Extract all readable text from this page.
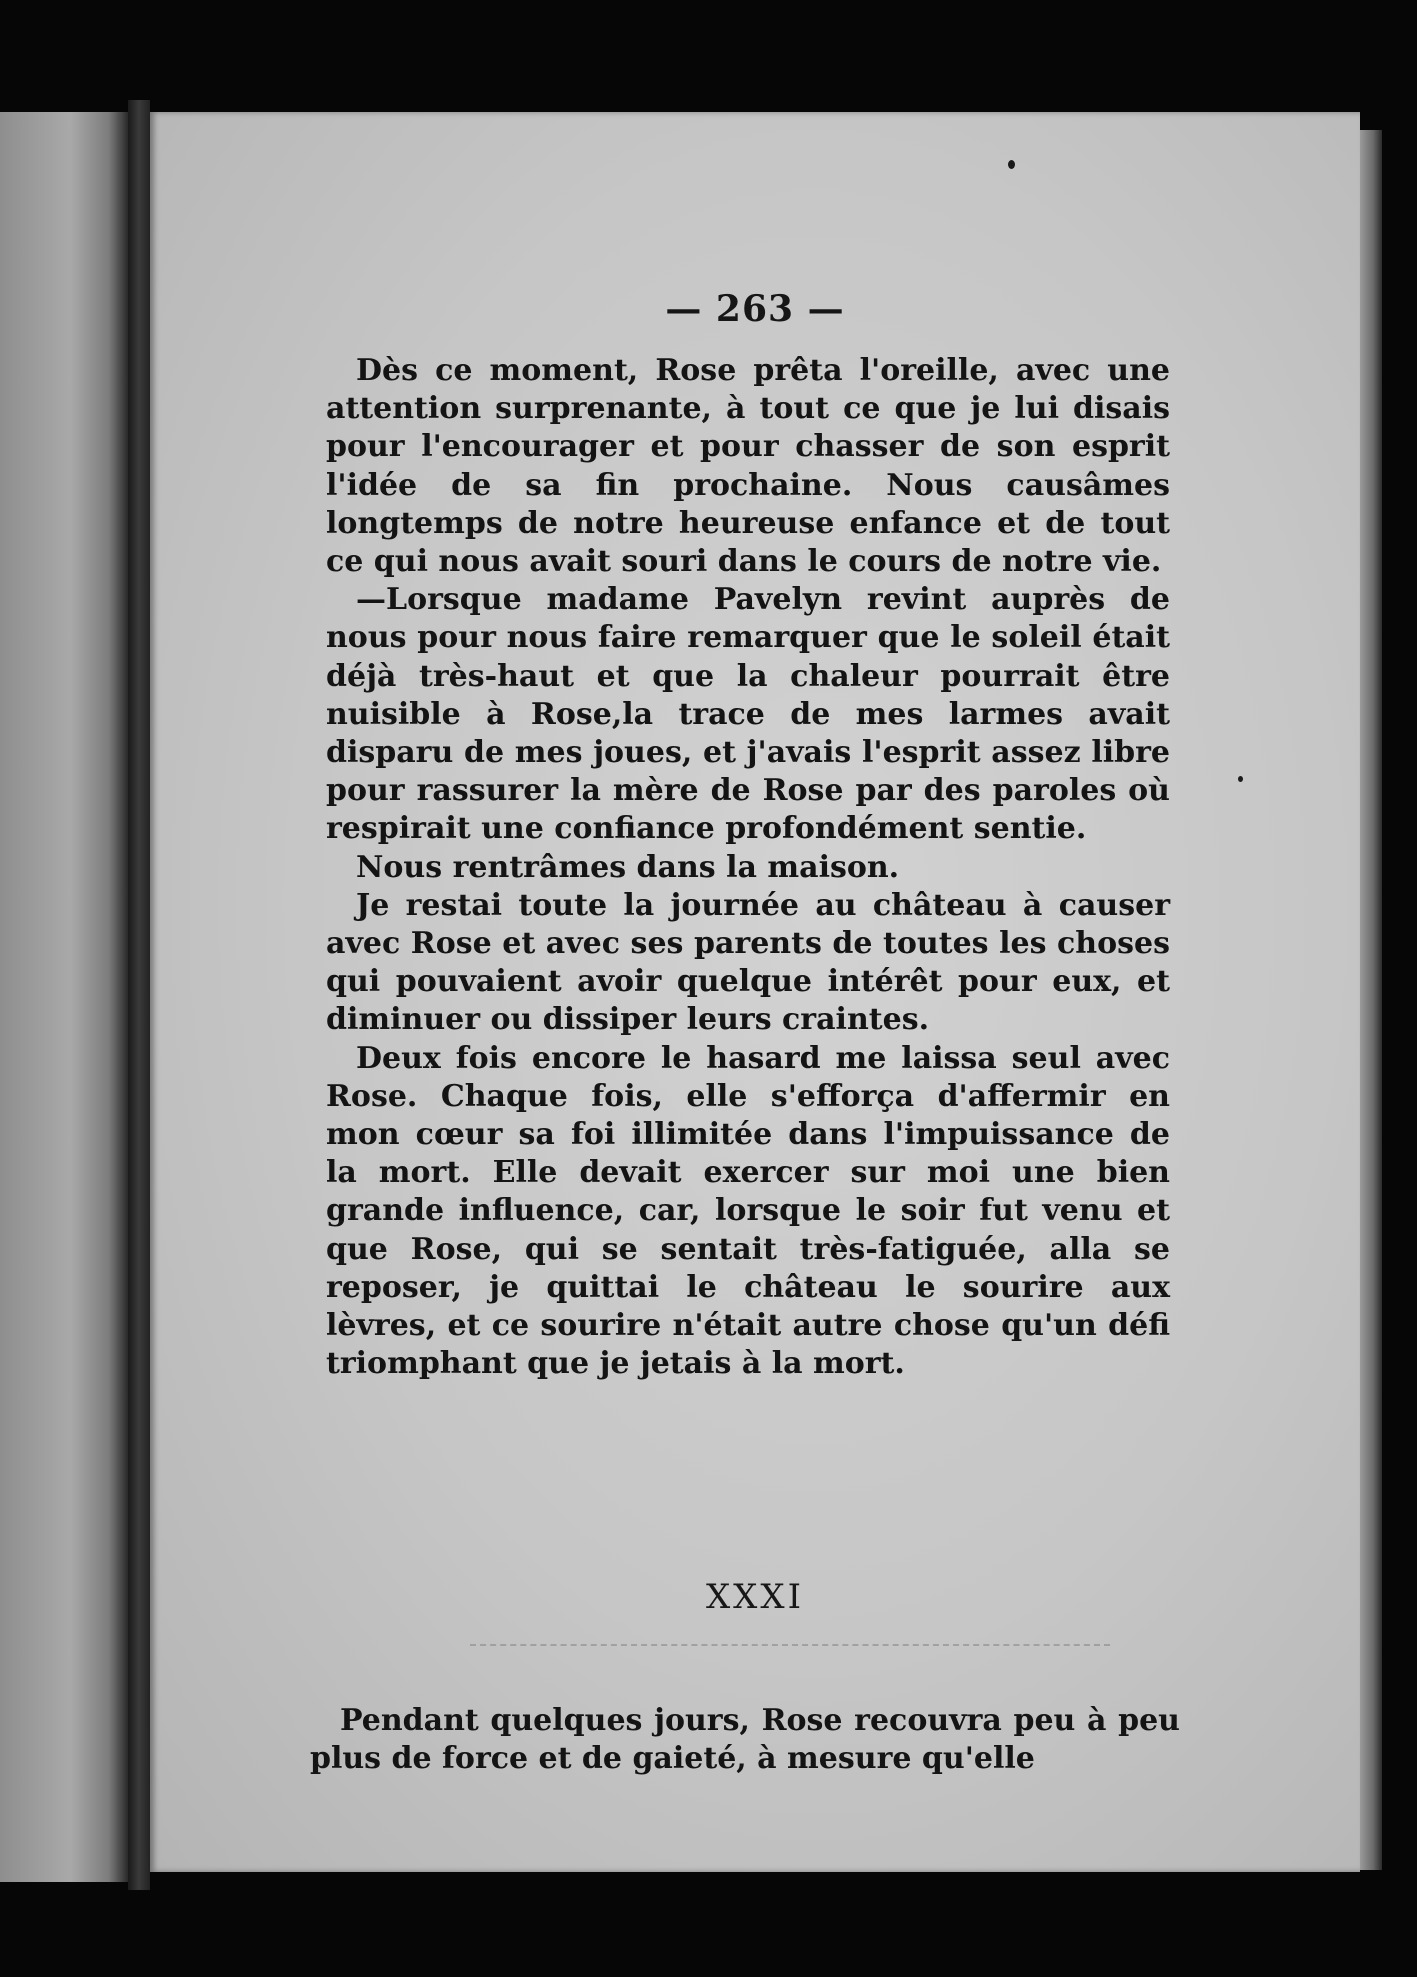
— 263 —

Dès ce moment, Rose prêta l'oreille, avec une attention surprenante, à tout ce que je lui disais pour l'encourager et pour chasser de son esprit l'idée de sa fin prochaine. Nous causâmes longtemps de notre heureuse enfance et de tout ce qui nous avait souri dans le cours de notre vie.

—Lorsque madame Pavelyn revint auprès de nous pour nous faire remarquer que le soleil était déjà très-haut et que la chaleur pourrait être nuisible à Rose,la trace de mes larmes avait disparu de mes joues, et j'avais l'esprit assez libre pour rassurer la mère de Rose par des paroles où respirait une confiance profondément sentie.

Nous rentrâmes dans la maison.

Je restai toute la journée au château à causer avec Rose et avec ses parents de toutes les choses qui pouvaient avoir quelque intérêt pour eux, et diminuer ou dissiper leurs craintes.

Deux fois encore le hasard me laissa seul avec Rose. Chaque fois, elle s'efforça d'affermir en mon cœur sa foi illimitée dans l'impuissance de la mort. Elle devait exercer sur moi une bien grande influence, car, lorsque le soir fut venu et que Rose, qui se sentait très-fatiguée, alla se reposer, je quittai le château le sourire aux lèvres, et ce sourire n'était autre chose qu'un défi triomphant que je jetais à la mort.

XXXI

Pendant quelques jours, Rose recouvra peu à peu plus de force et de gaieté, à mesure qu'elle
